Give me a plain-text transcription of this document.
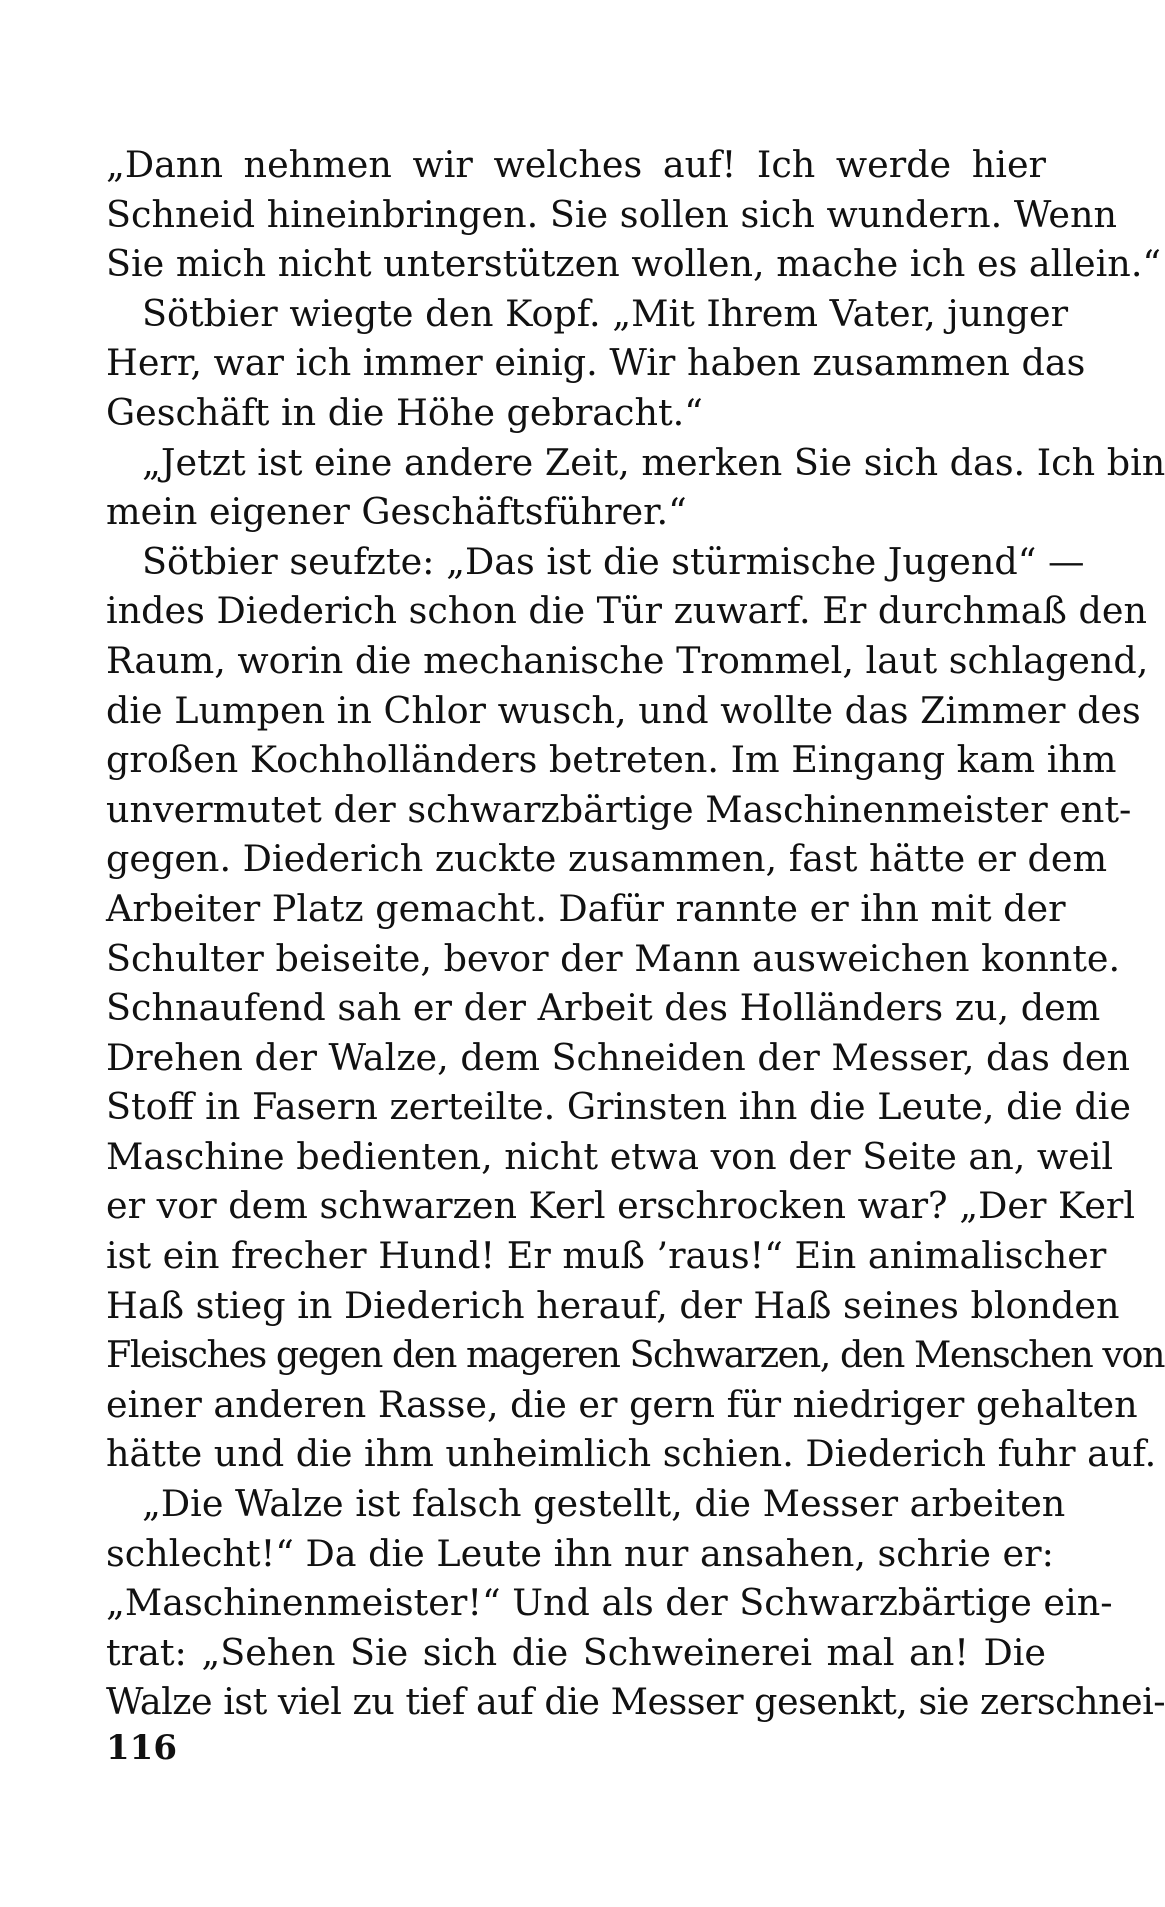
„Dann nehmen wir welches auf! Ich werde hier
Schneid hineinbringen. Sie sollen sich wundern. Wenn
Sie mich nicht unterstützen wollen, mache ich es allein.“
Sötbier wiegte den Kopf. „Mit Ihrem Vater, junger
Herr, war ich immer einig. Wir haben zusammen das
Geschäft in die Höhe gebracht.“
„Jetzt ist eine andere Zeit, merken Sie sich das. Ich bin
mein eigener Geschäftsführer.“
Sötbier seufzte: „Das ist die stürmische Jugend“ —
indes Diederich schon die Tür zuwarf. Er durchmaß den
Raum, worin die mechanische Trommel, laut schlagend,
die Lumpen in Chlor wusch, und wollte das Zimmer des
großen Kochholländers betreten. Im Eingang kam ihm
unvermutet der schwarzbärtige Maschinenmeister ent-
gegen. Diederich zuckte zusammen, fast hätte er dem
Arbeiter Platz gemacht. Dafür rannte er ihn mit der
Schulter beiseite, bevor der Mann ausweichen konnte.
Schnaufend sah er der Arbeit des Holländers zu, dem
Drehen der Walze, dem Schneiden der Messer, das den
Stoff in Fasern zerteilte. Grinsten ihn die Leute, die die
Maschine bedienten, nicht etwa von der Seite an, weil
er vor dem schwarzen Kerl erschrocken war? „Der Kerl
ist ein frecher Hund! Er muß ’raus!“ Ein animalischer
Haß stieg in Diederich herauf, der Haß seines blonden
Fleisches gegen den mageren Schwarzen, den Menschen von
einer anderen Rasse, die er gern für niedriger gehalten
hätte und die ihm unheimlich schien. Diederich fuhr auf.
„Die Walze ist falsch gestellt, die Messer arbeiten
schlecht!“ Da die Leute ihn nur ansahen, schrie er:
„Maschinenmeister!“ Und als der Schwarzbärtige ein-
trat: „Sehen Sie sich die Schweinerei mal an! Die
Walze ist viel zu tief auf die Messer gesenkt, sie zerschnei-
116
